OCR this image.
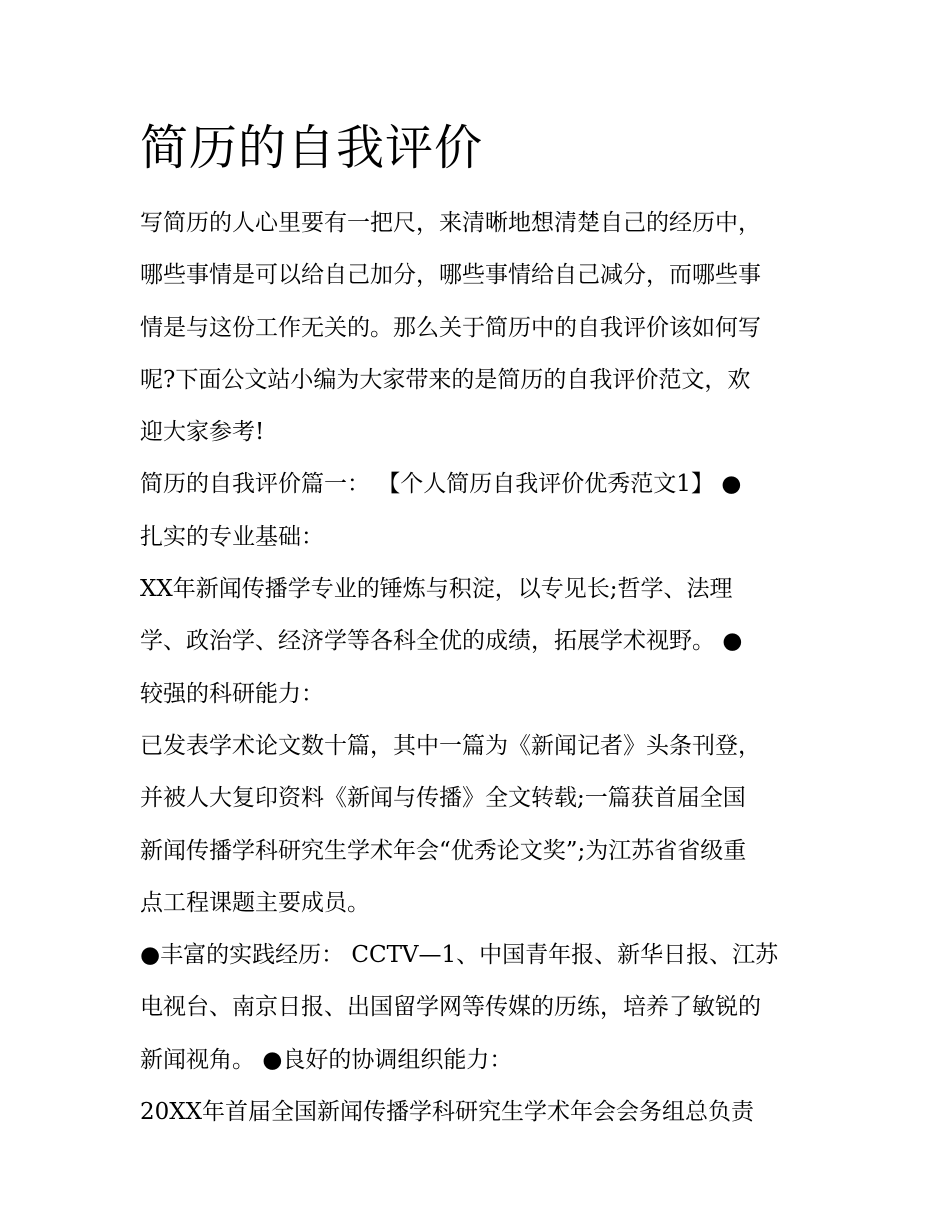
简历的自我评价
写简历的人心里要有一把尺，来清晰地想清楚自己的经历中，
哪些事情是可以给自己加分，哪些事情给自己减分，而哪些事
情是与这份工作无关的。那么关于简历中的自我评价该如何写
呢?下面公文站小编为大家带来的是简历的自我评价范文，欢
迎大家参考!
简历的自我评价篇一： 【个人简历自我评价优秀范文1】 ●
扎实的专业基础：
XX年新闻传播学专业的锤炼与积淀，以专见长;哲学、法理
学、政治学、经济学等各科全优的成绩，拓展学术视野。 ●
较强的科研能力：
已发表学术论文数十篇，其中一篇为《新闻记者》头条刊登，
并被人大复印资料《新闻与传播》全文转载;一篇获首届全国
新闻传播学科研究生学术年会“优秀论文奖”;为江苏省省级重
点工程课题主要成员。
●丰富的实践经历： CCTV—1、中国青年报、新华日报、江苏
电视台、南京日报、出国留学网等传媒的历练，培养了敏锐的
新闻视角。 ●良好的协调组织能力：
20XX年首届全国新闻传播学科研究生学术年会会务组总负责
